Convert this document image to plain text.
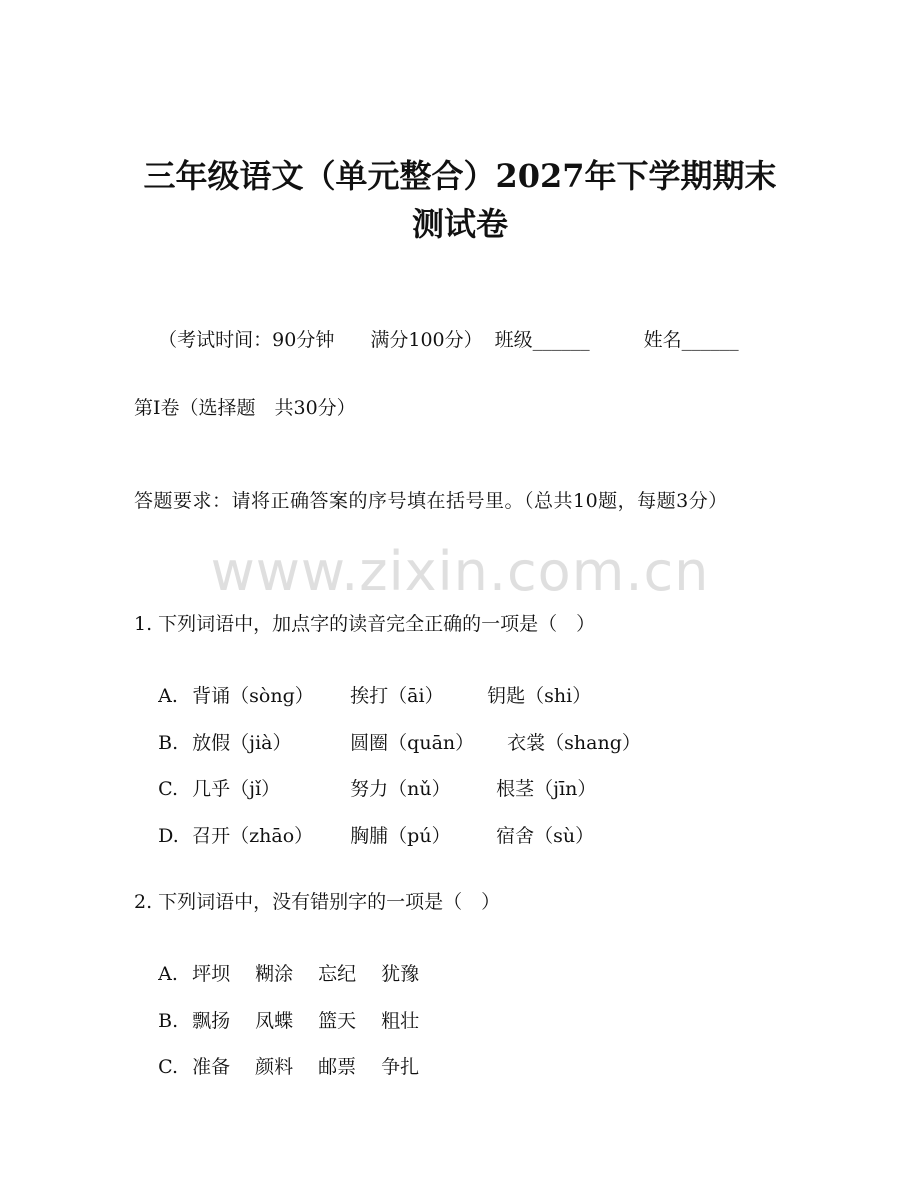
三年级语文（单元整合）2027年下学期期末
测试卷

（考试时间：90分钟 满分100分） 班级______	姓名______

第Ⅰ卷（选择题　共30分）
答题要求：请将正确答案的序号填在括号里。（总共10题，每题3分）
www.zixin.com.cn
1. 下列词语中，加点字的读音完全正确的一项是（　）

A. 背诵（sònɡ） 挨打（āi） 钥匙（shi）

B. 放假（jià）	圆圈（quān） 衣裳（shang）

C. 几乎（jǐ）	努力（nǔ） 根茎（jīn）

D. 召开（zhāo） 胸脯（pú） 宿舍（sù）

2. 下列词语中，没有错别字的一项是（　）

A. 坪坝 糊涂 忘纪 犹豫

B. 飘扬 凤蝶 篮天 粗壮

C. 准备 颜料 邮票 争扎
